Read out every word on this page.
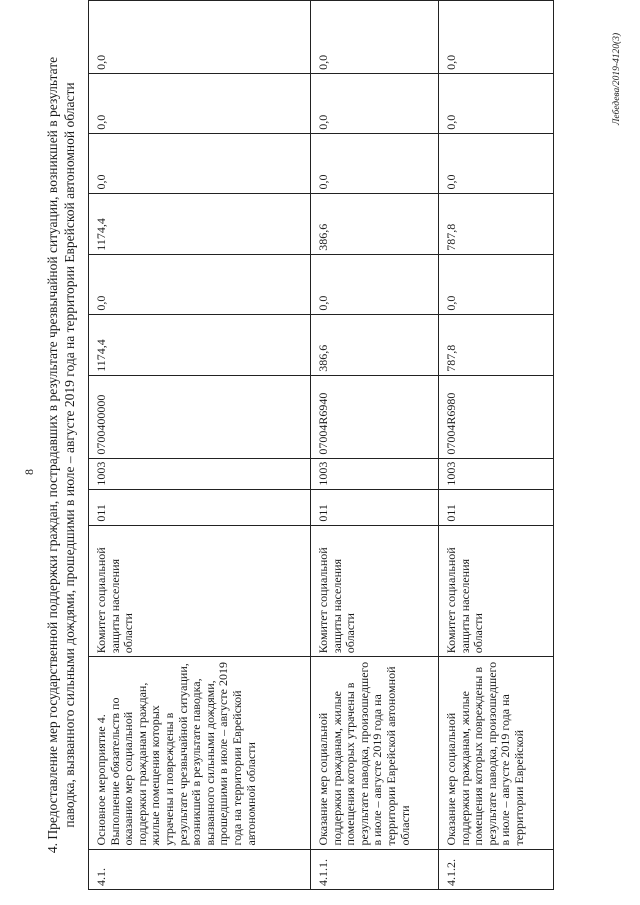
8 4. Предоставление мер государственной поддержки граждан, пострадавших в результате чрезвычайной ситуации, возникшей в результате паводка, вызванного сильными дождями, прошедшими в июле – августе 2019 года на территории Еврейской автономной области
4.1.	Основное мероприятие 4. Выполнение обязательств по оказанию мер социальной поддержки гражданам граждан, жилые помещения которых утрачены и повреждены в результате чрезвычайной ситуации, возникшей в результате паводка, вызванного сильными дождями, прошедшими в июле – августе 2019 года на территории Еврейской автономной области	Комитет социальной защиты населения области	011	1003	0700400000	1174,4	0,0	1174,4	0,0	0,0	0,0
4.1.1.	Оказание мер социальной поддержки гражданам, жилые помещения которых утрачены в результате паводка, произошедшего в июле – августе 2019 года на территории Еврейской автономной области	Комитет социальной защиты населения области	011	1003	07004R6940	386,6	0,0	386,6	0,0	0,0	0,0
4.1.2.	Оказание мер социальной поддержки гражданам, жилые помещения которых повреждены в результате паводка, произошедшего в июле – августе 2019 года на территории Еврейской	Комитет социальной защиты населения области	011	1003	07004R6980	787,8	0,0	787,8	0,0	0,0	0,0	Лебедева/2019-4120(3)
